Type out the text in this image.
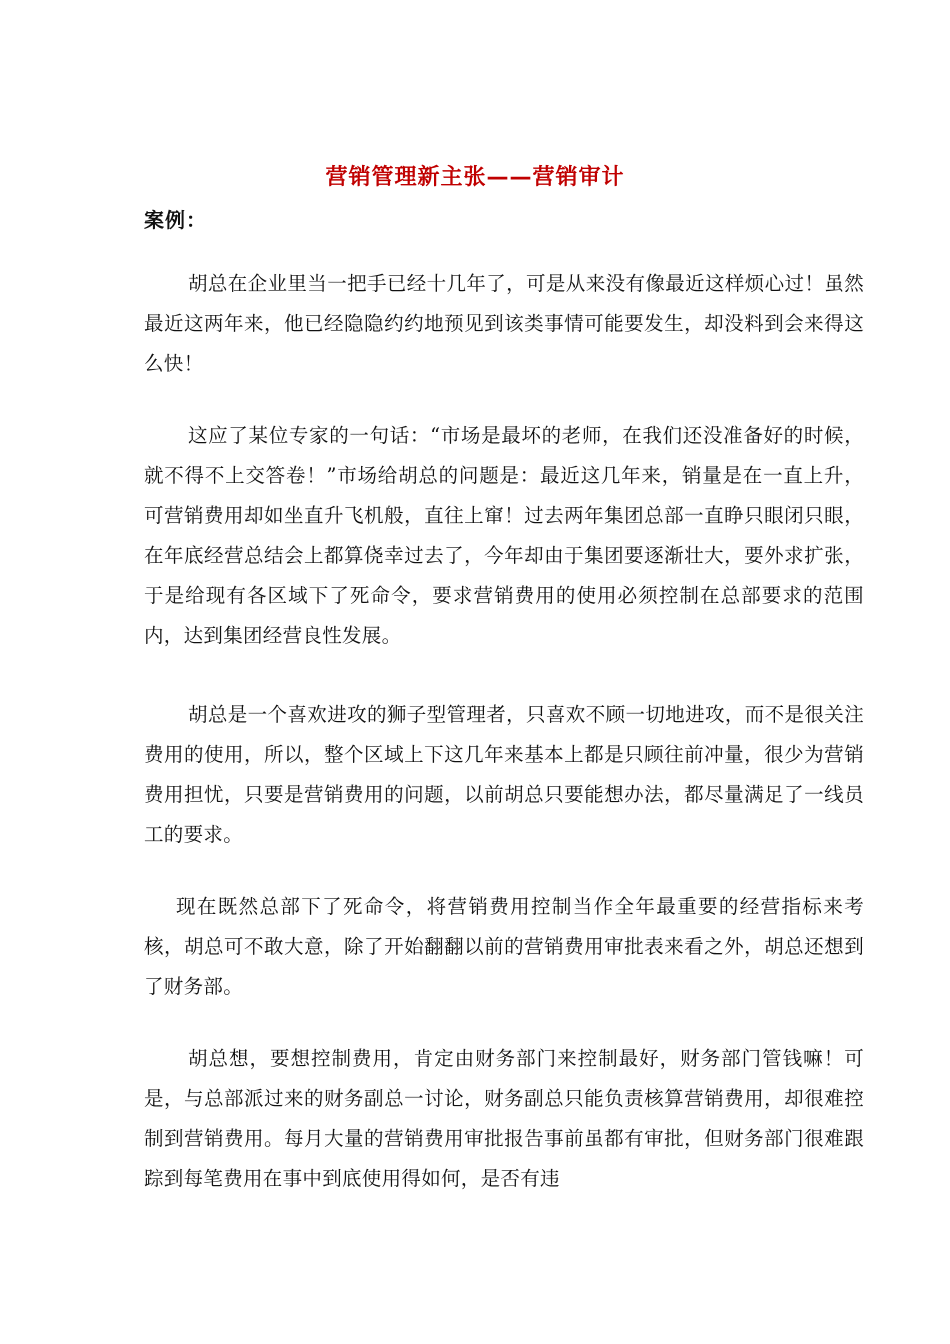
营销管理新主张——营销审计

案例：

胡总在企业里当一把手已经十几年了，可是从来没有像最近这样烦心过！虽然最近这两年来，他已经隐隐约约地预见到该类事情可能要发生，却没料到会来得这么快！

这应了某位专家的一句话：“市场是最坏的老师，在我们还没准备好的时候，就不得不上交答卷！”市场给胡总的问题是：最近这几年来，销量是在一直上升，可营销费用却如坐直升飞机般，直往上窜！过去两年集团总部一直睁只眼闭只眼，在年底经营总结会上都算侥幸过去了，今年却由于集团要逐渐壮大，要外求扩张，于是给现有各区域下了死命令，要求营销费用的使用必须控制在总部要求的范围内，达到集团经营良性发展。

胡总是一个喜欢进攻的狮子型管理者，只喜欢不顾一切地进攻，而不是很关注费用的使用，所以，整个区域上下这几年来基本上都是只顾往前冲量，很少为营销费用担忧，只要是营销费用的问题，以前胡总只要能想办法，都尽量满足了一线员工的要求。

现在既然总部下了死命令，将营销费用控制当作全年最重要的经营指标来考核，胡总可不敢大意，除了开始翻翻以前的营销费用审批表来看之外，胡总还想到了财务部。

胡总想，要想控制费用，肯定由财务部门来控制最好，财务部门管钱嘛！可是，与总部派过来的财务副总一讨论，财务副总只能负责核算营销费用，却很难控制到营销费用。每月大量的营销费用审批报告事前虽都有审批，但财务部门很难跟踪到每笔费用在事中到底使用得如何，是否有违
